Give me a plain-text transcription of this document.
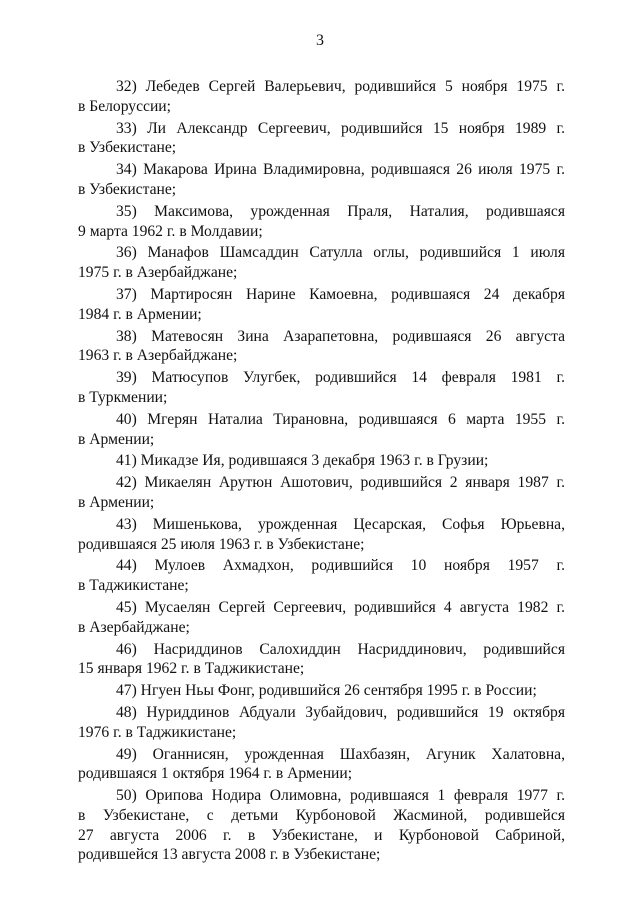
3
32) Лебедев Сергей Валерьевич, родившийся 5 ноября 1975 г.
в Белоруссии;
33) Ли Александр Сергеевич, родившийся 15 ноября 1989 г.
в Узбекистане;
34) Макарова Ирина Владимировна, родившаяся 26 июля 1975 г.
в Узбекистане;
35) Максимова, урожденная Праля, Наталия, родившаяся
9 марта 1962 г. в Молдавии;
36) Манафов Шамсаддин Сатулла оглы, родившийся 1 июля
1975 г. в Азербайджане;
37) Мартиросян Нарине Камоевна, родившаяся 24 декабря
1984 г. в Армении;
38) Матевосян Зина Азарапетовна, родившаяся 26 августа
1963 г. в Азербайджане;
39) Матюсупов Улугбек, родившийся 14 февраля 1981 г.
в Туркмении;
40) Мгерян Наталиа Тирановна, родившаяся 6 марта 1955 г.
в Армении;
41) Микадзе Ия, родившаяся 3 декабря 1963 г. в Грузии;
42) Микаелян Арутюн Ашотович, родившийся 2 января 1987 г.
в Армении;
43) Мишенькова, урожденная Цесарская, Софья Юрьевна,
родившаяся 25 июля 1963 г. в Узбекистане;
44) Мулоев Ахмадхон, родившийся 10 ноября 1957 г.
в Таджикистане;
45) Мусаелян Сергей Сергеевич, родившийся 4 августа 1982 г.
в Азербайджане;
46) Насриддинов Салохиддин Насриддинович, родившийся
15 января 1962 г. в Таджикистане;
47) Нгуен Ньы Фонг, родившийся 26 сентября 1995 г. в России;
48) Нуриддинов Абдуали Зубайдович, родившийся 19 октября
1976 г. в Таджикистане;
49) Оганнисян, урожденная Шахбазян, Агуник Халатовна,
родившаяся 1 октября 1964 г. в Армении;
50) Орипова Нодира Олимовна, родившаяся 1 февраля 1977 г.
в Узбекистане, с детьми Курбоновой Жасминой, родившейся
27 августа 2006 г. в Узбекистане, и Курбоновой Сабриной,
родившейся 13 августа 2008 г. в Узбекистане;
